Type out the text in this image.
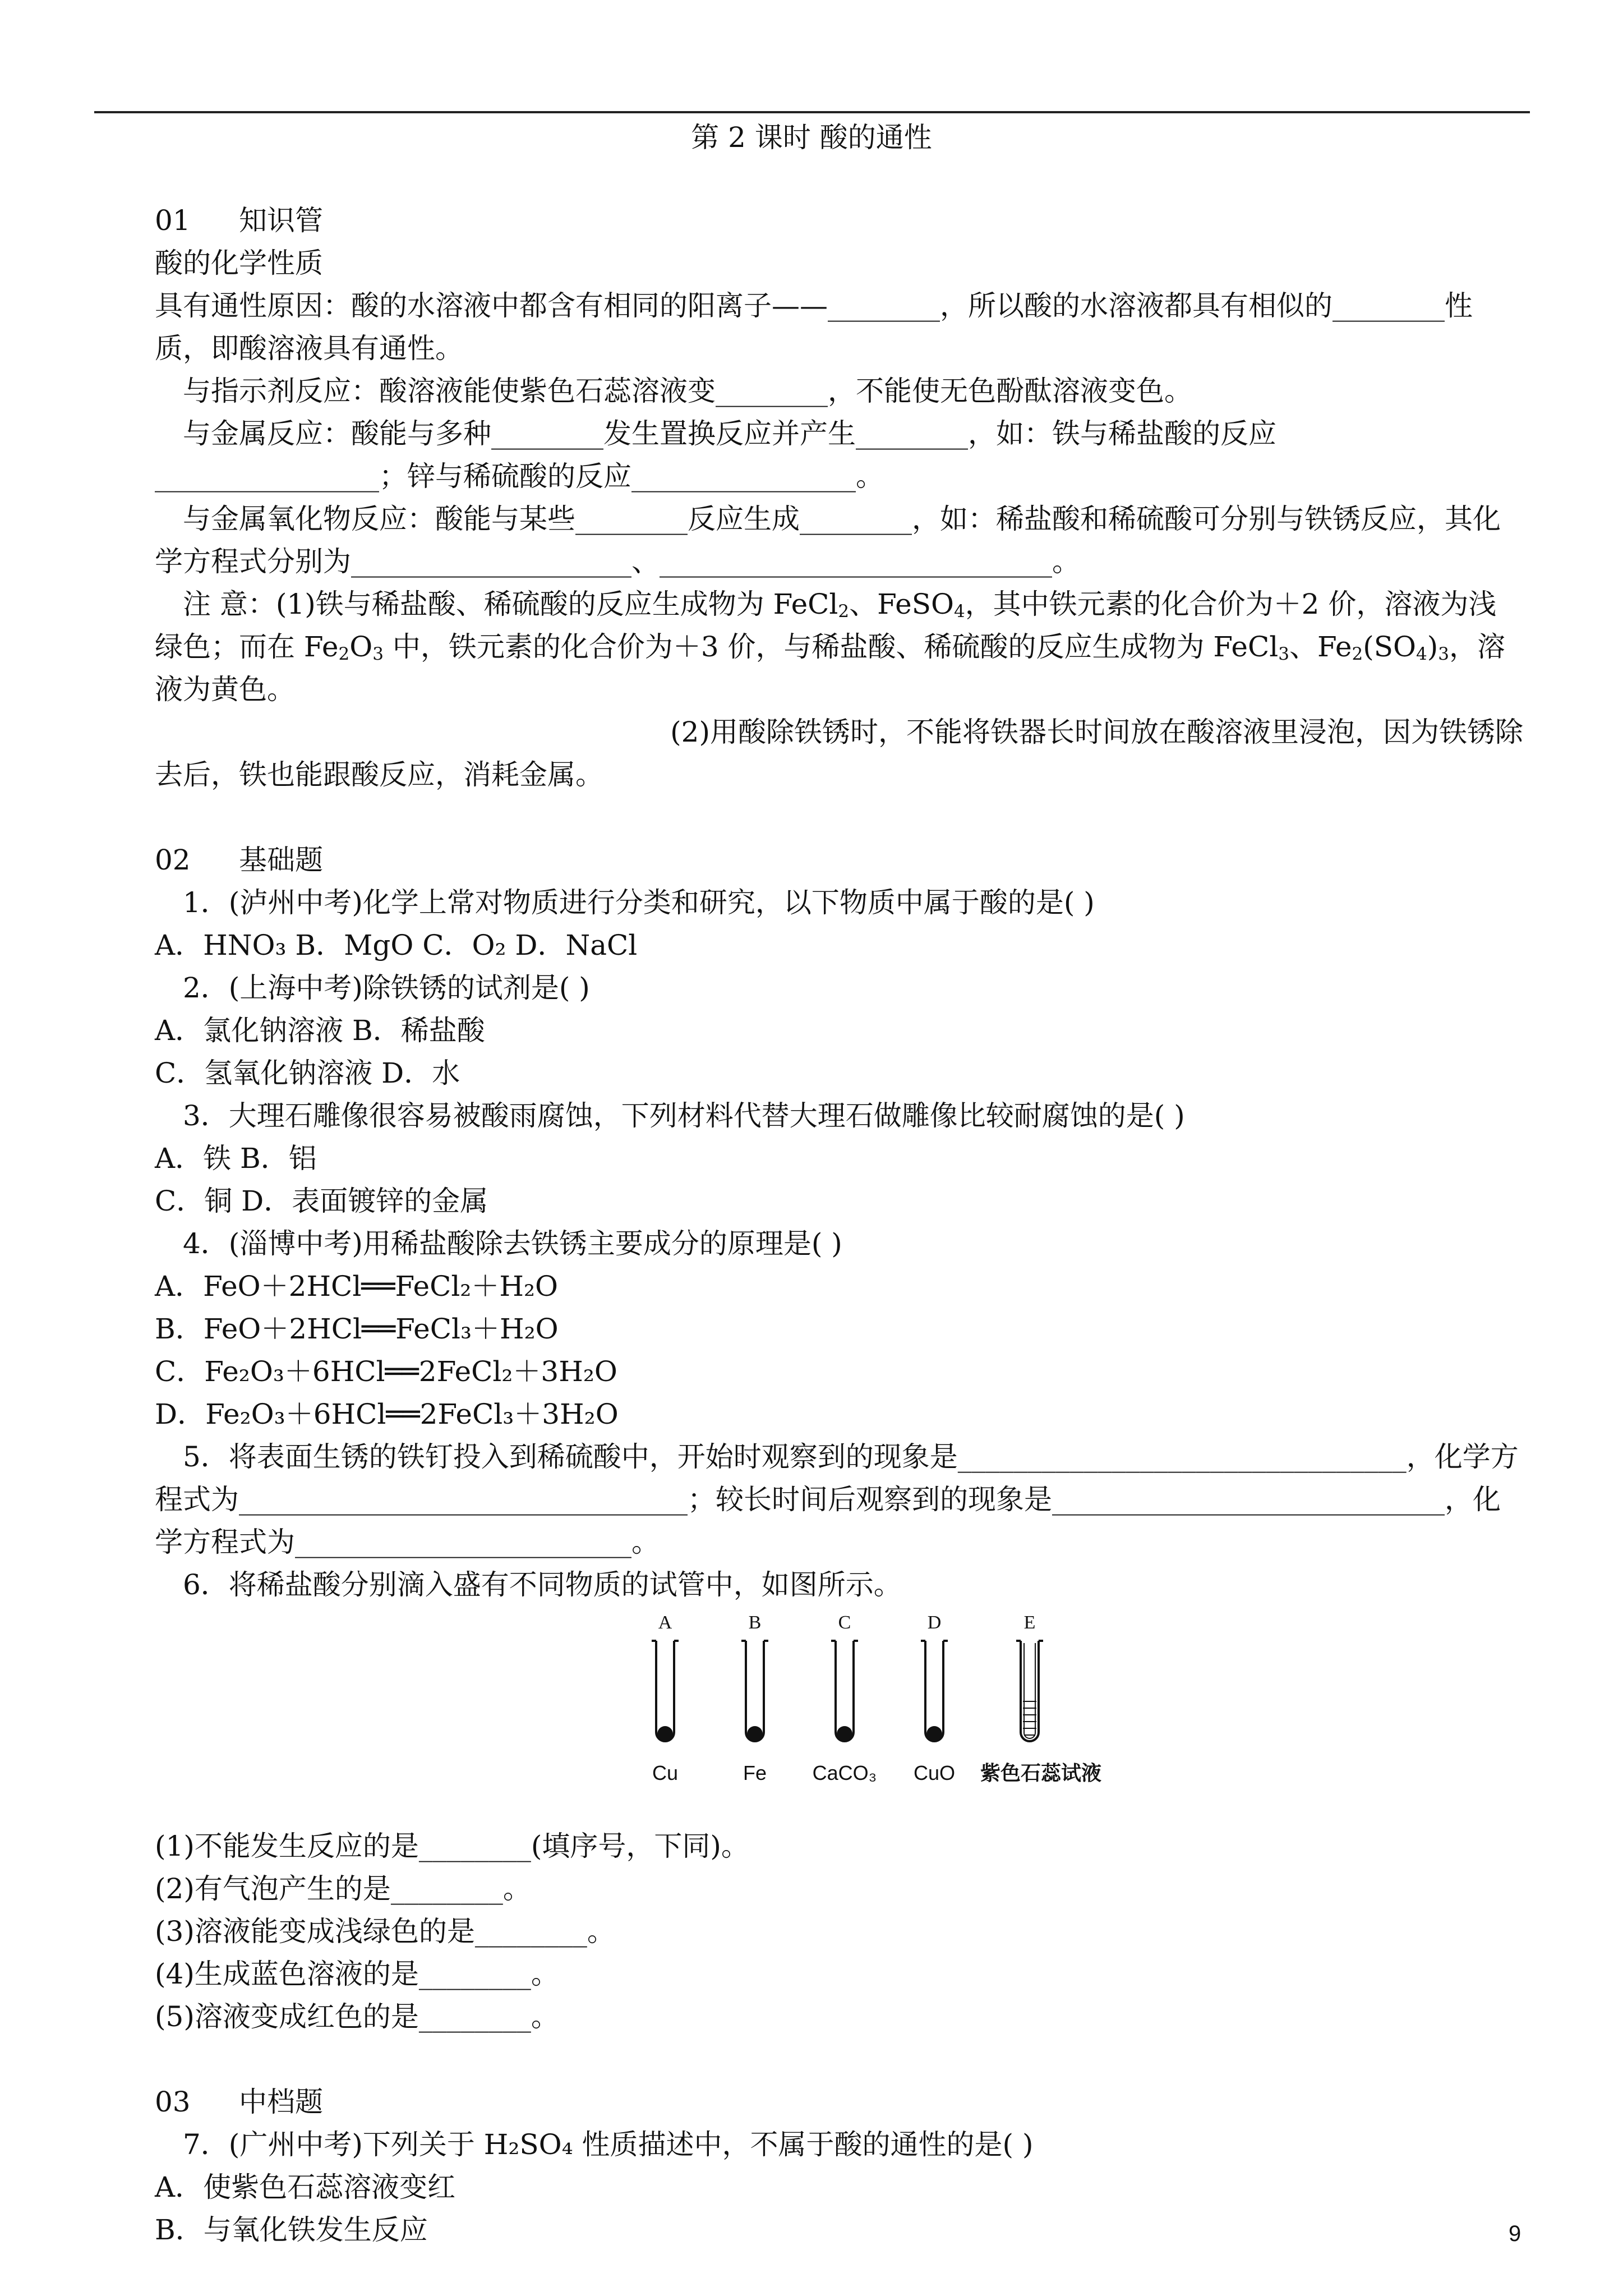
第 2 课时 酸的通性

01 知识管

酸的化学性质

具有通性原因：酸的水溶液中都含有相同的阳离子——________，所以酸的水溶液都具有相似的________性质，即酸溶液具有通性。

与指示剂反应：酸溶液能使紫色石蕊溶液变________，不能使无色酚酞溶液变色。

与金属反应：酸能与多种________发生置换反应并产生________，如：铁与稀盐酸的反应________________；锌与稀硫酸的反应________________。

与金属氧化物反应：酸能与某些________反应生成________，如：稀盐酸和稀硫酸可分别与铁锈反应，其化学方程式分别为____________________、____________________________。

注 意：(1)铁与稀盐酸、稀硫酸的反应生成物为 FeCl$_2$、FeSO$_4$，其中铁元素的化合价为＋2 价，溶液为浅绿色；而在 $Fe_2O_3$ 中，铁元素的化合价为＋3 价，与稀盐酸、稀硫酸的反应生成物为 FeCl$_3$、$Fe_2(SO_4)_3$，溶液为黄色。

(2)用酸除铁锈时，不能将铁器长时间放在酸溶液里浸泡，因为铁锈除

去后，铁也能跟酸反应，消耗金属。

02 基础题

1．(泸州中考)化学上常对物质进行分类和研究，以下物质中属于酸的是( )

A．HNO₃ B．MgO C．O₂ D．NaCl

2．(上海中考)除铁锈的试剂是( )

A．氯化钠溶液 B．稀盐酸

C．氢氧化钠溶液 D．水

3．大理石雕像很容易被酸雨腐蚀，下列材料代替大理石做雕像比较耐腐蚀的是( )

A．铁 B．铝

C．铜 D．表面镀锌的金属

4．(淄博中考)用稀盐酸除去铁锈主要成分的原理是( )

A．FeO＋2HCl══FeCl₂＋H₂O

B．FeO＋2HCl══FeCl₃＋H₂O

C．Fe₂O₃＋6HCl══2FeCl₂＋3H₂O

D．Fe₂O₃＋6HCl══2FeCl₃＋3H₂O

5．将表面生锈的铁钉投入到稀硫酸中，开始时观察到的现象是________________________________，化学方程式为________________________________；较长时间后观察到的现象是____________________________，化学方程式为________________________。

6．将稀盐酸分别滴入盛有不同物质的试管中，如图所示。

A	B	C	D	E
Cu	Fe CaCO₃ CuO 紫色石蕊试液

(1)不能发生反应的是________(填序号，下同)。

(2)有气泡产生的是________。

(3)溶液能变成浅绿色的是________。

(4)生成蓝色溶液的是________。

(5)溶液变成红色的是________。

03 中档题

7．(广州中考)下列关于 H₂SO₄ 性质描述中，不属于酸的通性的是( )

A．使紫色石蕊溶液变红

B．与氧化铁发生反应	9
